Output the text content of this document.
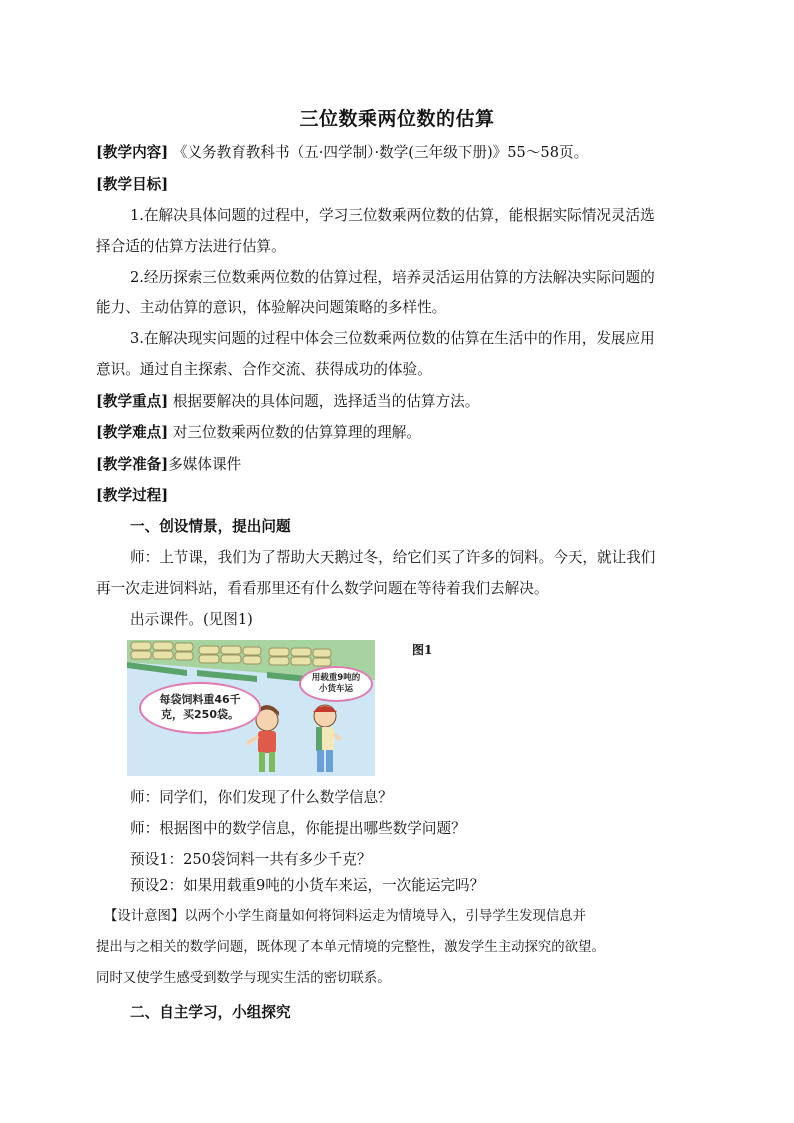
三位数乘两位数的估算
[教学内容] 《义务教育教科书（五·四学制）·数学(三年级下册)》55～58页。
[教学目标]
1.在解决具体问题的过程中，学习三位数乘两位数的估算，能根据实际情况灵活选
择合适的估算方法进行估算。
2.经历探索三位数乘两位数的估算过程，培养灵活运用估算的方法解决实际问题的
能力、主动估算的意识，体验解决问题策略的多样性。
3.在解决现实问题的过程中体会三位数乘两位数的估算在生活中的作用，发展应用
意识。通过自主探索、合作交流、获得成功的体验。
[教学重点] 根据要解决的具体问题，选择适当的估算方法。
[教学难点] 对三位数乘两位数的估算算理的理解。
[教学准备]多媒体课件
[教学过程]
一、创设情景，提出问题
师：上节课，我们为了帮助大天鹅过冬，给它们买了许多的饲料。今天，就让我们
再一次走进饲料站，看看那里还有什么数学问题在等待着我们去解决。
出示课件。(见图1)
每袋饲料重46千
克，买250袋。
用载重9吨的
小货车运
图1
师：同学们，你们发现了什么数学信息？
师：根据图中的数学信息，你能提出哪些数学问题？
预设1：250袋饲料一共有多少千克？
预设2：如果用载重9吨的小货车来运，一次能运完吗？
【设计意图】以两个小学生商量如何将饲料运走为情境导入，引导学生发现信息并
提出与之相关的数学问题，既体现了本单元情境的完整性，激发学生主动探究的欲望。
同时又使学生感受到数学与现实生活的密切联系。
二、自主学习，小组探究
